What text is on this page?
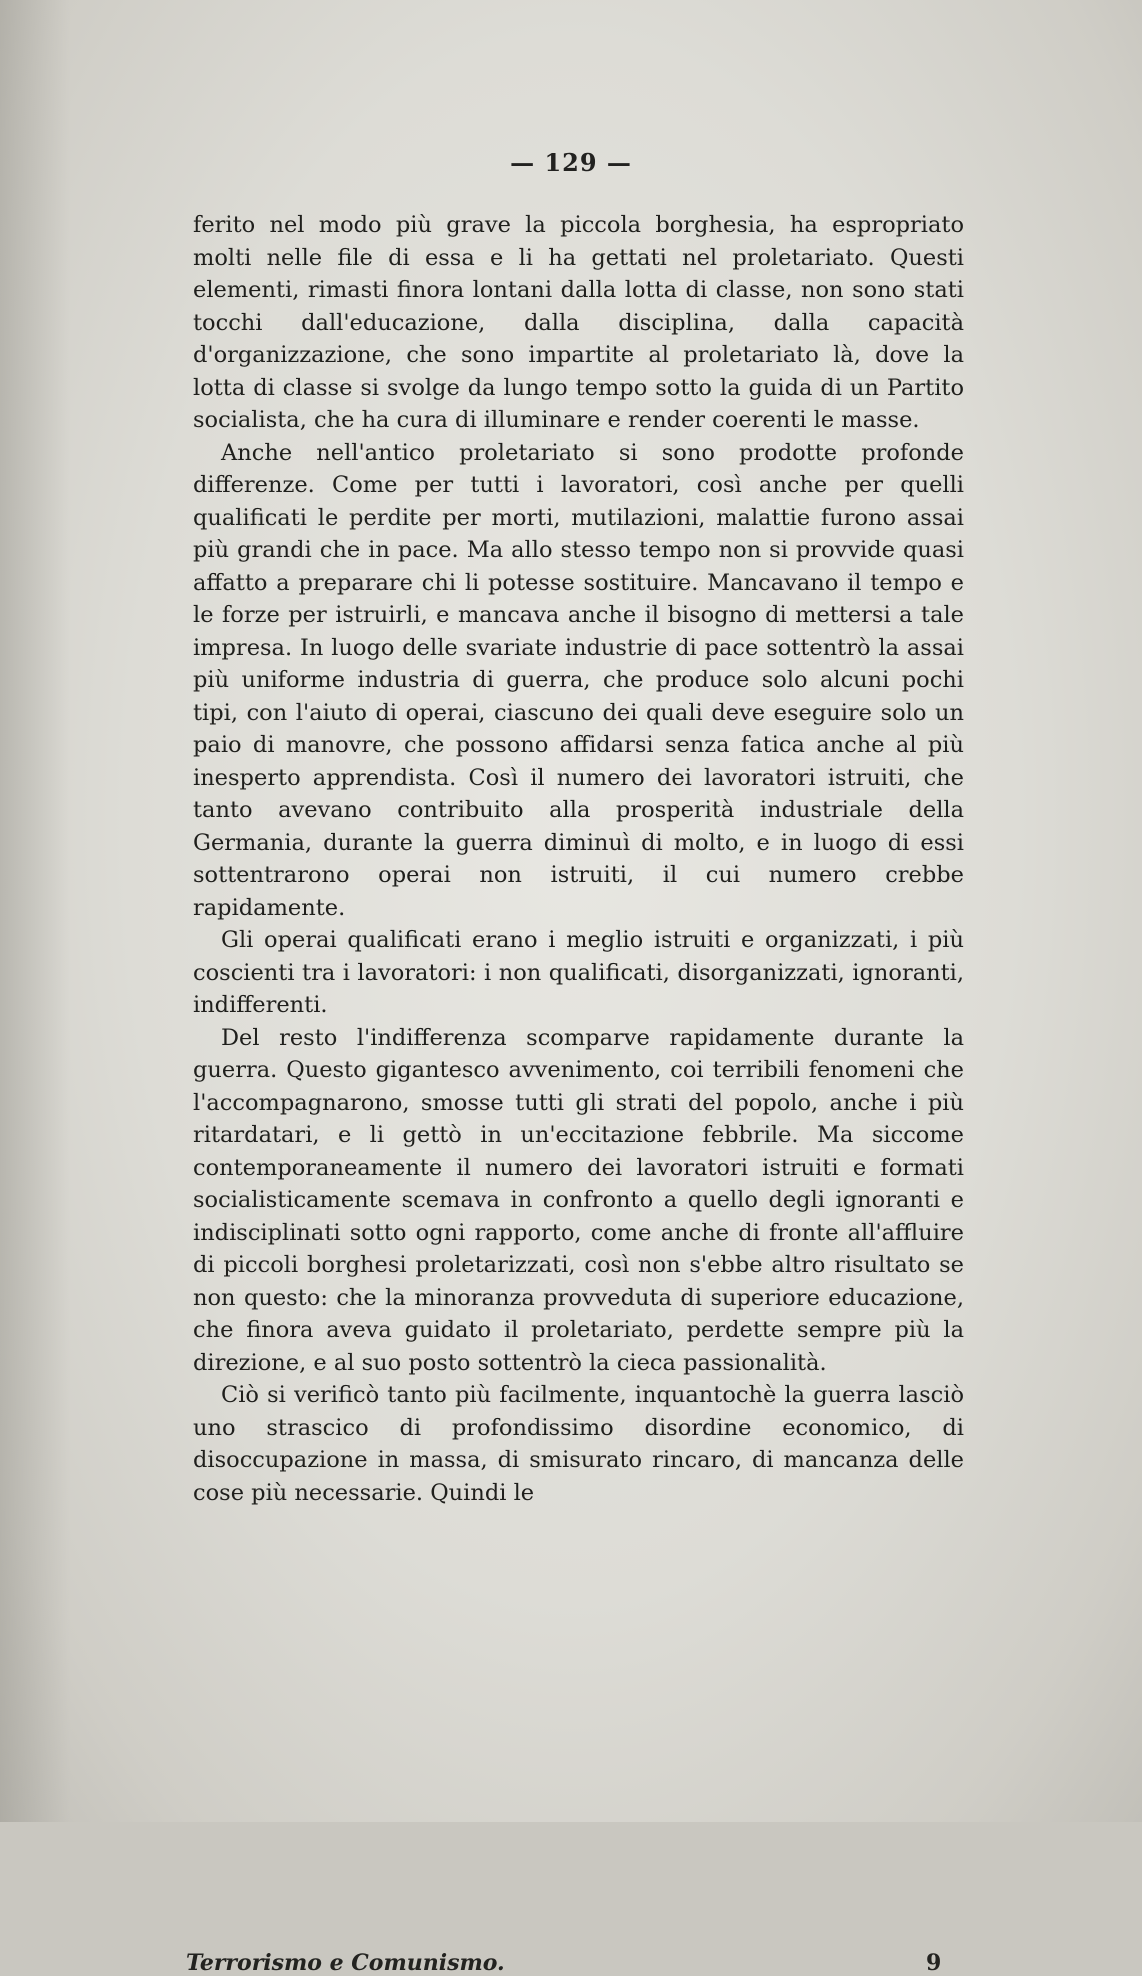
— 129 —

ferito nel modo più grave la piccola borghesia, ha espropriato molti nelle file di essa e li ha gettati nel proletariato. Questi elementi, rimasti finora lontani dalla lotta di classe, non sono stati tocchi dall'educazione, dalla disciplina, dalla capacità d'organizzazione, che sono impartite al proletariato là, dove la lotta di classe si svolge da lungo tempo sotto la guida di un Partito socialista, che ha cura di illuminare e render coerenti le masse.

Anche nell'antico proletariato si sono prodotte profonde differenze. Come per tutti i lavoratori, così anche per quelli qualificati le perdite per morti, mutilazioni, malattie furono assai più grandi che in pace. Ma allo stesso tempo non si provvide quasi affatto a preparare chi li potesse sostituire. Mancavano il tempo e le forze per istruirli, e mancava anche il bisogno di mettersi a tale impresa. In luogo delle svariate industrie di pace sottentrò la assai più uniforme industria di guerra, che produce solo alcuni pochi tipi, con l'aiuto di operai, ciascuno dei quali deve eseguire solo un paio di manovre, che possono affidarsi senza fatica anche al più inesperto apprendista. Così il numero dei lavoratori istruiti, che tanto avevano contribuito alla prosperità industriale della Germania, durante la guerra diminuì di molto, e in luogo di essi sottentrarono operai non istruiti, il cui numero crebbe rapidamente.

Gli operai qualificati erano i meglio istruiti e organizzati, i più coscienti tra i lavoratori: i non qualificati, disorganizzati, ignoranti, indifferenti.

Del resto l'indifferenza scomparve rapidamente durante la guerra. Questo gigantesco avvenimento, coi terribili fenomeni che l'accompagnarono, smosse tutti gli strati del popolo, anche i più ritardatari, e li gettò in un'eccitazione febbrile. Ma siccome contemporaneamente il numero dei lavoratori istruiti e formati socialisticamente scemava in confronto a quello degli ignoranti e indisciplinati sotto ogni rapporto, come anche di fronte all'affluire di piccoli borghesi proletarizzati, così non s'ebbe altro risultato se non questo: che la minoranza provveduta di superiore educazione, che finora aveva guidato il proletariato, perdette sempre più la direzione, e al suo posto sottentrò la cieca passionalità.

Ciò si verificò tanto più facilmente, inquantochè la guerra lasciò uno strascico di profondissimo disordine economico, di disoccupazione in massa, di smisurato rincaro, di mancanza delle cose più necessarie. Quindi le

Terrorismo e Comunismo.	9
